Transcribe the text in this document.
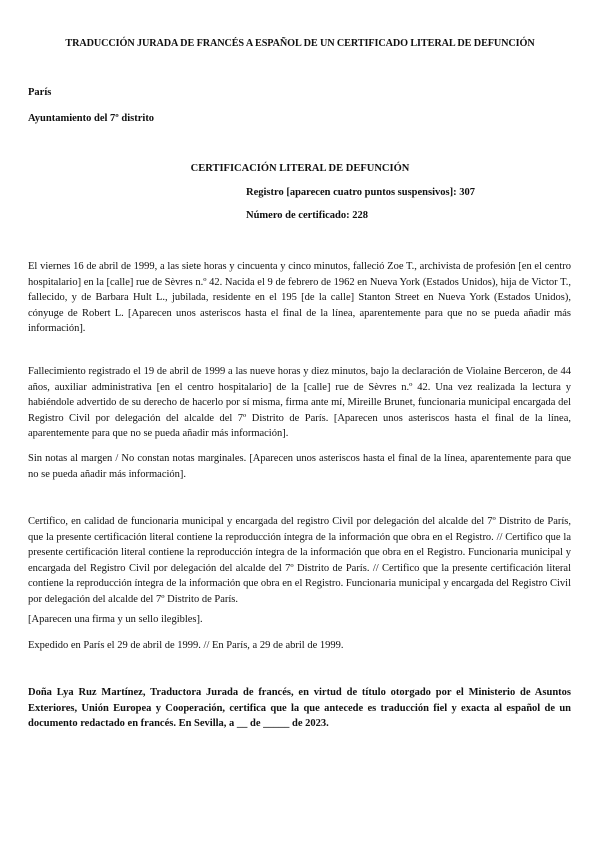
TRADUCCIÓN JURADA DE FRANCÉS A ESPAÑOL DE UN CERTIFICADO LITERAL DE DEFUNCIÓN
París
Ayuntamiento del 7º distrito
CERTIFICACIÓN LITERAL DE DEFUNCIÓN
Registro [aparecen cuatro puntos suspensivos]: 307
Número de certificado: 228
El viernes 16 de abril de 1999, a las siete horas y cincuenta y cinco minutos, falleció Zoe T., archivista de profesión [en el centro hospitalario] en la [calle] rue de Sèvres n.º 42. Nacida el 9 de febrero de 1962 en Nueva York (Estados Unidos), hija de Victor T., fallecido, y de Barbara Hult L., jubilada, residente en el 195 [de la calle] Stanton Street en Nueva York (Estados Unidos), cónyuge de Robert L. [Aparecen unos asteriscos hasta el final de la línea, aparentemente para que no se pueda añadir más información].
Fallecimiento registrado el 19 de abril de 1999 a las nueve horas y diez minutos, bajo la declaración de Violaine Berceron, de 44 años, auxiliar administrativa [en el centro hospitalario] de la [calle] rue de Sèvres n.º 42. Una vez realizada la lectura y habiéndole advertido de su derecho de hacerlo por sí misma, firma ante mí, Mireille Brunet, funcionaria municipal encargada del Registro Civil por delegación del alcalde del 7º Distrito de París. [Aparecen unos asteriscos hasta el final de la línea, aparentemente para que no se pueda añadir más información].
Sin notas al margen / No constan notas marginales. [Aparecen unos asteriscos hasta el final de la línea, aparentemente para que no se pueda añadir más información].
Certifico, en calidad de funcionaria municipal y encargada del registro Civil por delegación del alcalde del 7º Distrito de París, que la presente certificación literal contiene la reproducción íntegra de la información que obra en el Registro. // Certifico que la presente certificación literal contiene la reproducción íntegra de la información que obra en el Registro. Funcionaria municipal y encargada del Registro Civil por delegación del alcalde del 7º Distrito de París. // Certifico que la presente certificación literal contiene la reproducción íntegra de la información que obra en el Registro. Funcionaria municipal y encargada del Registro Civil por delegación del alcalde del 7º Distrito de París.
[Aparecen una firma y un sello ilegibles].
Expedido en París el 29 de abril de 1999. // En París, a 29 de abril de 1999.
Doña Lya Ruz Martínez, Traductora Jurada de francés, en virtud de título otorgado por el Ministerio de Asuntos Exteriores, Unión Europea y Cooperación, certifica que la que antecede es traducción fiel y exacta al español de un documento redactado en francés. En Sevilla, a __ de _____ de 2023.
